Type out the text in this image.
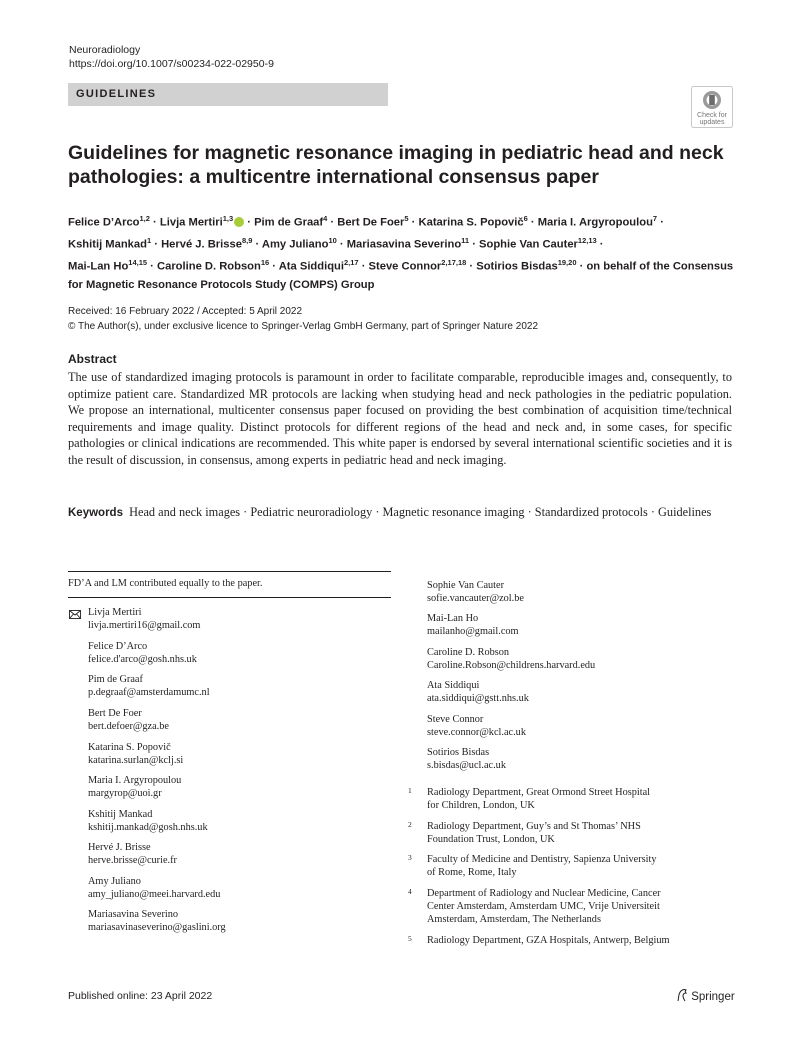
Neuroradiology
https://doi.org/10.1007/s00234-022-02950-9
GUIDELINES
Check for
updates
Guidelines for magnetic resonance imaging in pediatric head and neck
pathologies: a multicentre international consensus paper
Felice D’Arco$^{1,2}$ · Livja Mertiri$^{1,3}$ · Pim de Graaf$^4$ · Bert De Foer$^5$ · Katarina S. Popovič$^6$ · Maria I. Argyropoulou$^7$ ·
Kshitij Mankad$^1$ · Hervé J. Brisse$^{8,9}$ · Amy Juliano$^{10}$ · Mariasavina Severino$^{11}$ · Sophie Van Cauter$^{12,13}$ ·
Mai-Lan Ho$^{14,15}$ · Caroline D. Robson$^{16}$ · Ata Siddiqui$^{2,17}$ · Steve Connor$^{2,17,18}$ · Sotirios Bisdas$^{19,20}$ · on behalf of the Consensus for Magnetic Resonance Protocols Study (COMPS) Group
Received: 16 February 2022 / Accepted: 5 April 2022
© The Author(s), under exclusive licence to Springer-Verlag GmbH Germany, part of Springer Nature 2022
Abstract
The use of standardized imaging protocols is paramount in order to facilitate comparable, reproducible images and, consequently, to optimize patient care. Standardized MR protocols are lacking when studying head and neck pathologies in the pediatric population. We propose an international, multicenter consensus paper focused on providing the best combination of acquisition time/technical requirements and image quality. Distinct protocols for different regions of the head and neck and, in some cases, for specific pathologies or clinical indications are recommended. This white paper is endorsed by several international scientific societies and it is the result of discussion, in consensus, among experts in pediatric head and neck imaging.
Keywords Head and neck images · Pediatric neuroradiology · Magnetic resonance imaging · Standardized protocols · Guidelines
FD’A and LM contributed equally to the paper.
Livja Mertiri
livja.mertiri16@gmail.com
Felice D’Arco
felice.d'arco@gosh.nhs.uk
Pim de Graaf
p.degraaf@amsterdamumc.nl
Bert De Foer
bert.defoer@gza.be
Katarina S. Popovič
katarina.surlan@kclj.si
Maria I. Argyropoulou
margyrop@uoi.gr
Kshitij Mankad
kshitij.mankad@gosh.nhs.uk
Hervé J. Brisse
herve.brisse@curie.fr
Amy Juliano
amy_juliano@meei.harvard.edu
Mariasavina Severino
mariasavinaseverino@gaslini.org
Sophie Van Cauter
sofie.vancauter@zol.be
Mai-Lan Ho
mailanho@gmail.com
Caroline D. Robson
Caroline.Robson@childrens.harvard.edu
Ata Siddiqui
ata.siddiqui@gstt.nhs.uk
Steve Connor
steve.connor@kcl.ac.uk
Sotirios Bisdas
s.bisdas@ucl.ac.uk
1 Radiology Department, Great Ormond Street Hospital
for Children, London, UK
2 Radiology Department, Guy’s and St Thomas’ NHS
Foundation Trust, London, UK
3 Faculty of Medicine and Dentistry, Sapienza University
of Rome, Rome, Italy
4 Department of Radiology and Nuclear Medicine, Cancer
Center Amsterdam, Amsterdam UMC, Vrije Universiteit
Amsterdam, Amsterdam, The Netherlands
5 Radiology Department, GZA Hospitals, Antwerp, Belgium
Published online: 23 April 2022	Springer
